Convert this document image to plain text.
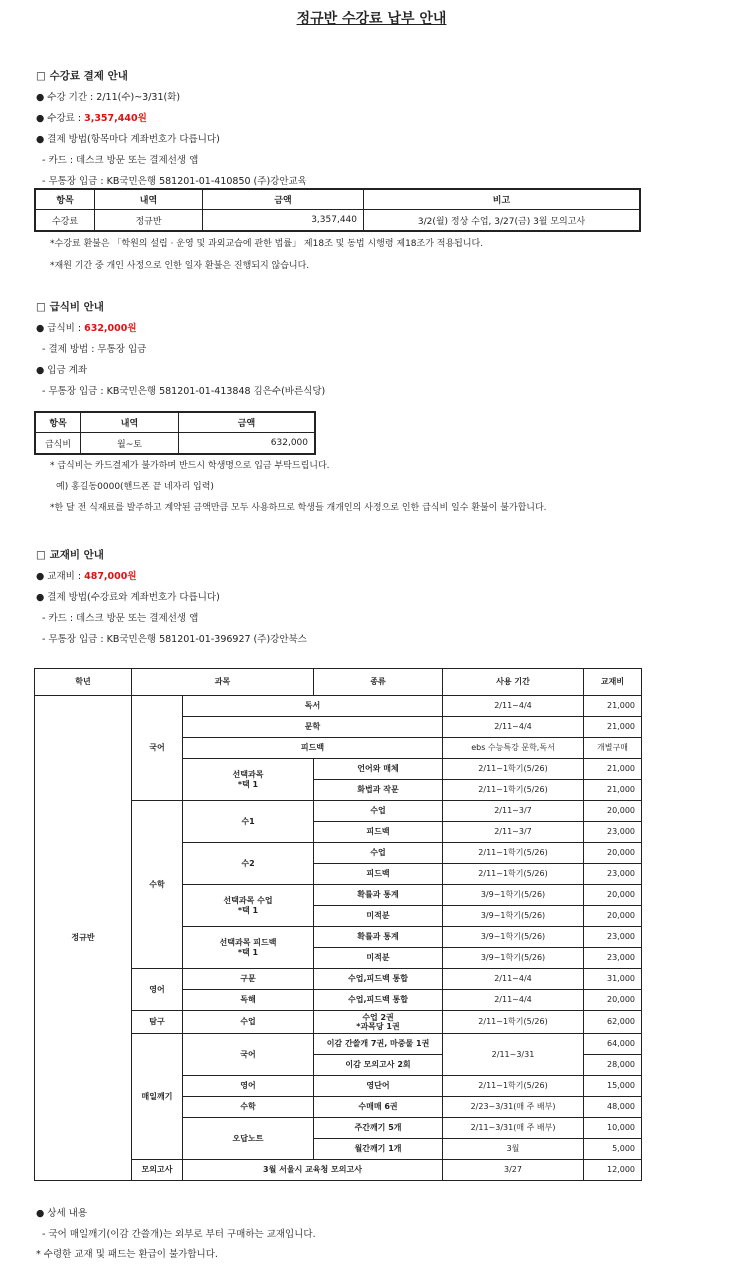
정규반 수강료 납부 안내
□ 수강료 결제 안내
● 수강 기간 : 2/11(수)~3/31(화)
● 수강료 : 3,357,440원
● 결제 방법(항목마다 계좌번호가 다릅니다)
- 카드 : 데스크 방문 또는 결제선생 앱
- 무통장 입금 : KB국민은행 581201-01-410850 (주)강안교육
항목	내역	금액	비고
수강료	정규반	3,357,440	3/2(월) 정상 수업, 3/27(금) 3월 모의고사
*수강료 환불은 「학원의 설립 · 운영 및 과외교습에 관한 법률」 제18조 및 동법 시행령 제18조가 적용됩니다.
*재원 기간 중 개인 사정으로 인한 일자 환불은 진행되지 않습니다.
□ 급식비 안내
● 급식비 : 632,000원
- 결제 방법 : 무통장 입금
● 입금 계좌
- 무통장 입금 : KB국민은행 581201-01-413848 김은수(바른식당)
항목	내역	금액
급식비	월~토	632,000
* 급식비는 카드결제가 불가하며 반드시 학생명으로 입금 부탁드립니다.
예) 홍길동0000(핸드폰 끝 네자리 입력)
*한 달 전 식재료를 발주하고 계약된 금액만큼 모두 사용하므로 학생들 개개인의 사정으로 인한 급식비 일수 환불이 불가합니다.
□ 교재비 안내
● 교재비 : 487,000원
● 결제 방법(수강료와 계좌번호가 다릅니다)
- 카드 : 데스크 방문 또는 결제선생 앱
- 무통장 입금 : KB국민은행 581201-01-396927 (주)강안북스
학년	과목		종류	사용 기간	교재비
정규반	국어	독서		2/11~4/4	21,000
		문학		2/11~4/4	21,000
		피드백		ebs 수능특강 문학,독서	개별구매
		선택과목
*택 1	언어와 매체	2/11~1학기(5/26)	21,000
			화법과 작문	2/11~1학기(5/26)	21,000
	수학	수1	수업	2/11~3/7	20,000
			피드백	2/11~3/7	23,000
		수2	수업	2/11~1학기(5/26)	20,000
			피드백	2/11~1학기(5/26)	23,000
		선택과목 수업
*택 1	확률과 통계	3/9~1학기(5/26)	20,000
			미적분	3/9~1학기(5/26)	20,000
		선택과목 피드백
*택 1	확률과 통계	3/9~1학기(5/26)	23,000
			미적분	3/9~1학기(5/26)	23,000
	영어	구문	수업,피드백 통합	2/11~4/4	31,000
		독해	수업,피드백 통합	2/11~4/4	20,000
	탐구	수업	수업 2권
*과목당 1권	2/11~1학기(5/26)	62,000
	매일깨기	국어	이감 간쓸개 7권, 마중물 1권	2/11~3/31	64,000
			이감 모의고사 2회		28,000
		영어	영단어	2/11~1학기(5/26)	15,000
		수학	수매매 6권	2/23~3/31(매 주 배부)	48,000
		오답노트	주간깨기 5개	2/11~3/31(매 주 배부)	10,000
			월간깨기 1개	3월	5,000
	모의고사	3월 서울시 교육청 모의고사		3/27	12,000
● 상세 내용
- 국어 매일깨기(이감 간쓸개)는 외부로 부터 구매하는 교재입니다.
* 수령한 교재 및 패드는 환급이 불가합니다.
